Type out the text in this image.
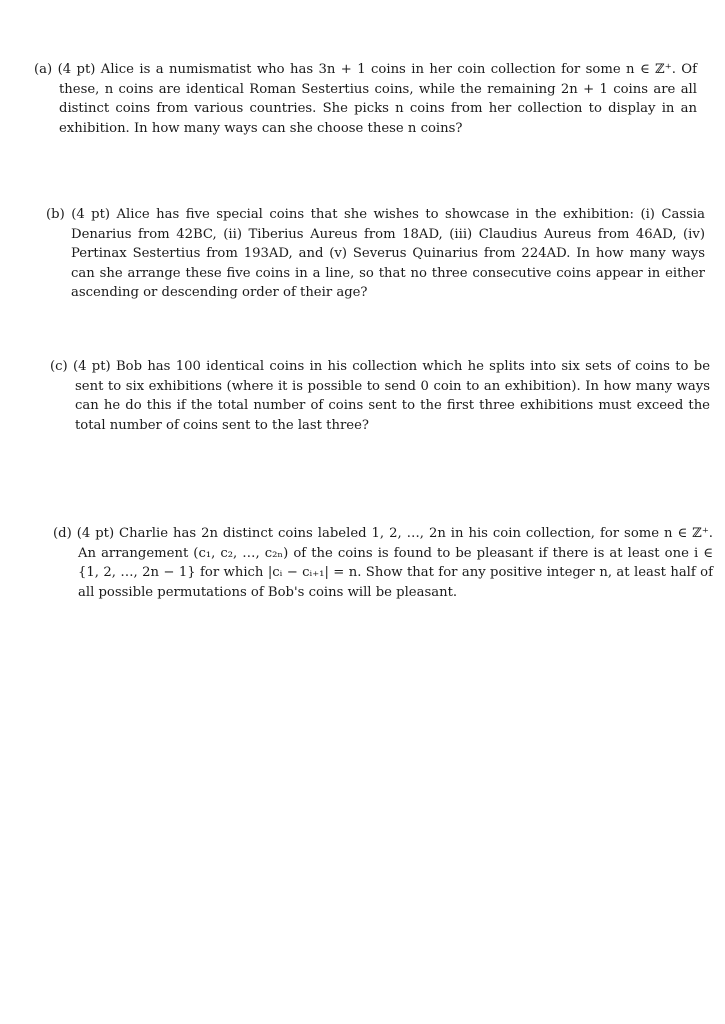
(a) (4 pt) Alice is a numismatist who has 3n + 1 coins in her coin collection for some n ∈ ℤ⁺. Of these, n coins are identical Roman Sestertius coins, while the remaining 2n + 1 coins are all distinct coins from various countries. She picks n coins from her collection to display in an exhibition. In how many ways can she choose these n coins?
(b) (4 pt) Alice has five special coins that she wishes to showcase in the exhibition: (i) Cassia Denarius from 42BC, (ii) Tiberius Aureus from 18AD, (iii) Claudius Aureus from 46AD, (iv) Pertinax Sestertius from 193AD, and (v) Severus Quinarius from 224AD. In how many ways can she arrange these five coins in a line, so that no three consecutive coins appear in either ascending or descending order of their age?
(c) (4 pt) Bob has 100 identical coins in his collection which he splits into six sets of coins to be sent to six exhibitions (where it is possible to send 0 coin to an exhibition). In how many ways can he do this if the total number of coins sent to the first three exhibitions must exceed the total number of coins sent to the last three?
(d) (4 pt) Charlie has 2n distinct coins labeled 1, 2, …, 2n in his coin collection, for some n ∈ ℤ⁺. An arrangement (c₁, c₂, …, c₂ₙ) of the coins is found to be pleasant if there is at least one i ∈ {1, 2, …, 2n − 1} for which |cᵢ − cᵢ₊₁| = n. Show that for any positive integer n, at least half of all possible permutations of Bob's coins will be pleasant.
